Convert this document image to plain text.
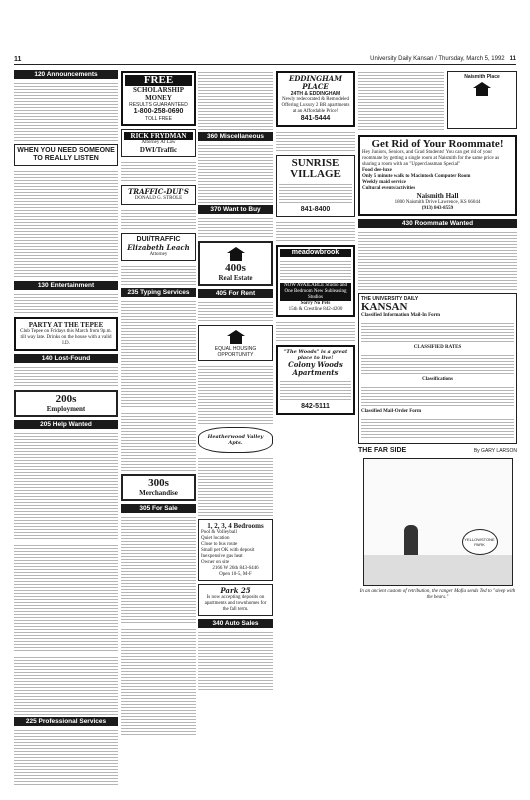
11	University Daily Kansan / Thursday, March 5, 1992 11
120 Announcements
WHEN YOU NEED SOMEONE TO REALLY LISTEN
130 Entertainment
PARTY AT THE TEPEE
Club Tepee on Fridays this March from 9p.m. till way late. Drinks on the house with a valid I.D.
140 Lost-Found
200s
Employment
205 Help Wanted
225 Professional Services
FREE
SCHOLARSHIP MONEY
RESULTS GUARANTEED
1-800-258-0690
TOLL FREE
RICK FRYDMAN
Attorney At Law
DWI/Traffic
TRAFFIC-DUI'S
DONALD G. STROLE
DUI/TRAFFIC
Elizabeth Leach
Attorney
235 Typing Services
300s
Merchandise
305 For Sale
360 Miscellaneous
370 Want to Buy
400s
Real Estate
405 For Rent
EQUAL HOUSING OPPORTUNITY
Heatherwood Valley Apts.
1, 2, 3, 4 Bedrooms
Pool & Volleyball
Quiet location
Close to bus route
Small pet OK with deposit
Inexpensive gas heat
Owner on site
2166 W 26th 843-6446
Open 10-5, M-F
Park 25
Is now accepting deposits on apartments and townhomes for the fall term.
340 Auto Sales
EDDINGHAM PLACE
24TH & EDDINGHAM
Newly redecorated & Remodeled Offering Luxury 2 BR apartments at an Affordable Price!
841-5444
SUNRISE VILLAGE
841-8400
meadowbrook
NOW AVAILABLE Studio and One Bedroom New Subleasing Studios
Sorry No Pets
15th & Crestline 842-4200
"The Woods" is a great place to live!
Colony Woods
Apartments
842-5111
Naismith Place
Get Rid of Your Roommate!
Hey Juniors, Seniors, and Grad Students! You can get rid of your roommate by getting a single room at Naismith for the same price as sharing a room with an "Upperclassman Special"
Food dee-luxe
Only 5 minute walk to Macintosh Computer Room
Weekly maid service
Cultural events/activities
Naismith Hall
1800 Naismith Drive Lawrence, KS 66044
(913) 843-8559
430 Roommate Wanted
THE UNIVERSITY DAILY
KANSAN
Classified Information Mail-In Form
CLASSIFIED RATES
Classifications
Classified Mail-Order Form
THE FAR SIDE	By GARY LARSON
YELLOWSTONE PARK
In an ancient custom of retribution, the ranger Mafia sends Ted to "sleep with the bears."
